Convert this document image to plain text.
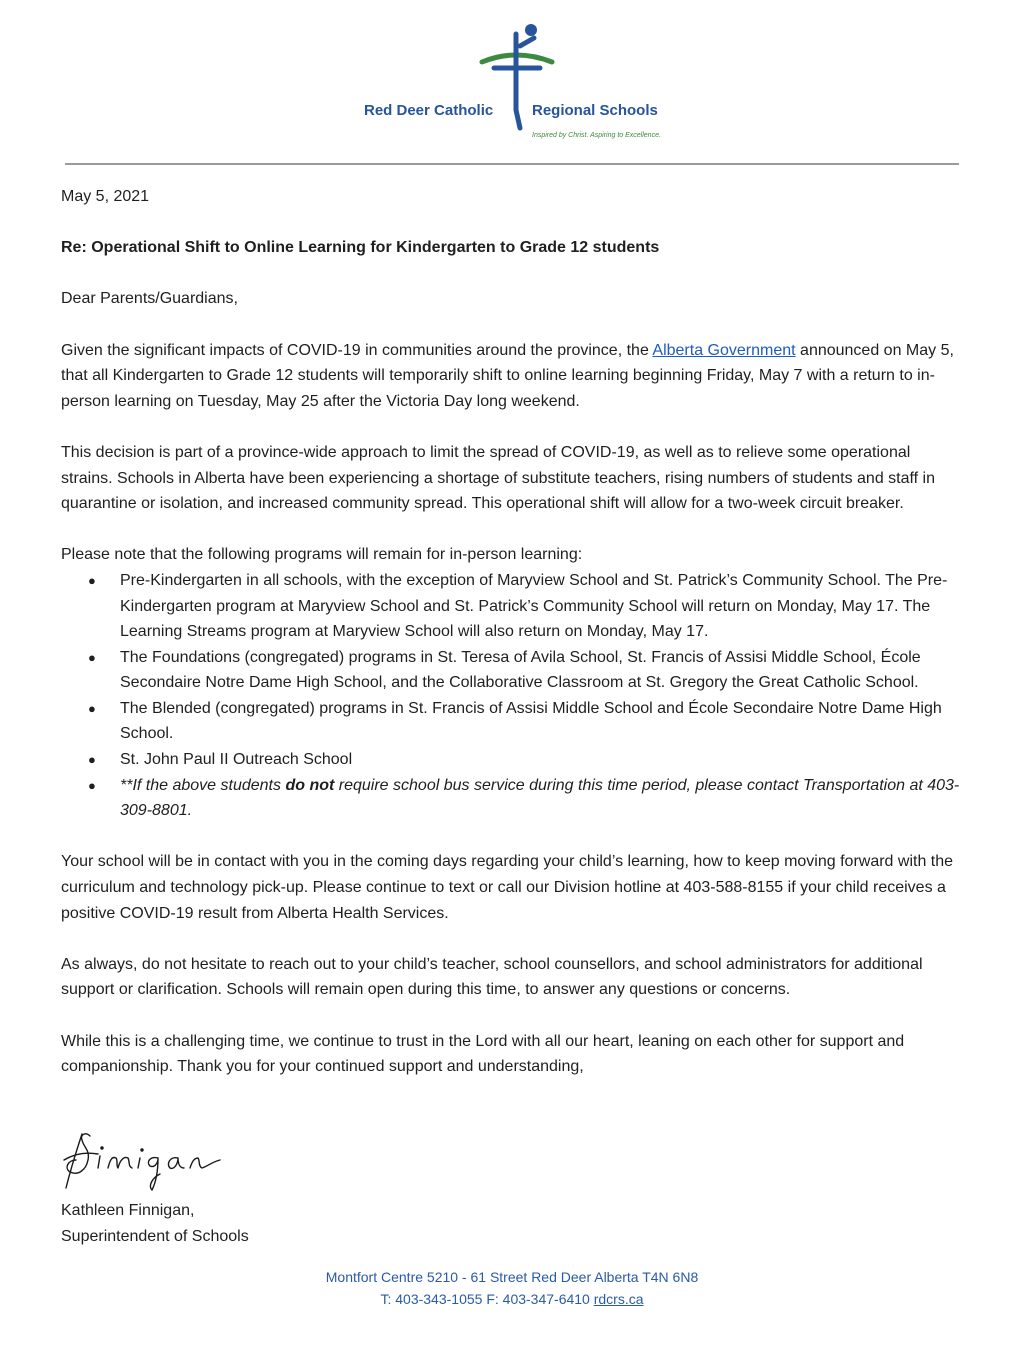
Red Deer Catholic	Regional Schools
Inspired by Christ. Aspiring to Excellence.

May 5, 2021

Re: Operational Shift to Online Learning for Kindergarten to Grade 12 students

Dear Parents/Guardians,

Given the significant impacts of COVID-19 in communities around the province, the Alberta Government announced on May 5, that all Kindergarten to Grade 12 students will temporarily shift to online learning beginning Friday, May 7 with a return to in-person learning on Tuesday, May 25 after the Victoria Day long weekend.

This decision is part of a province-wide approach to limit the spread of COVID-19, as well as to relieve some operational strains. Schools in Alberta have been experiencing a shortage of substitute teachers, rising numbers of students and staff in quarantine or isolation, and increased community spread. This operational shift will allow for a two-week circuit breaker.

Please note that the following programs will remain for in-person learning:

● Pre-Kindergarten in all schools, with the exception of Maryview School and St. Patrick’s Community School. The Pre-Kindergarten program at Maryview School and St. Patrick’s Community School will return on Monday, May 17. The Learning Streams program at Maryview School will also return on Monday, May 17.
● The Foundations (congregated) programs in St. Teresa of Avila School, St. Francis of Assisi Middle School, École Secondaire Notre Dame High School, and the Collaborative Classroom at St. Gregory the Great Catholic School.
● The Blended (congregated) programs in St. Francis of Assisi Middle School and École Secondaire Notre Dame High School.
● St. John Paul II Outreach School
● **If the above students do not require school bus service during this time period, please contact Transportation at 403-309-8801.

Your school will be in contact with you in the coming days regarding your child’s learning, how to keep moving forward with the curriculum and technology pick-up. Please continue to text or call our Division hotline at 403-588-8155 if your child receives a positive COVID-19 result from Alberta Health Services.

As always, do not hesitate to reach out to your child’s teacher, school counsellors, and school administrators for additional support or clarification. Schools will remain open during this time, to answer any questions or concerns.

While this is a challenging time, we continue to trust in the Lord with all our heart, leaning on each other for support and companionship. Thank you for your continued support and understanding,

Kathleen Finnigan,
Superintendent of Schools
Montfort Centre 5210 - 61 Street Red Deer Alberta T4N 6N8
T: 403-343-1055 F: 403-347-6410 rdcrs.ca
